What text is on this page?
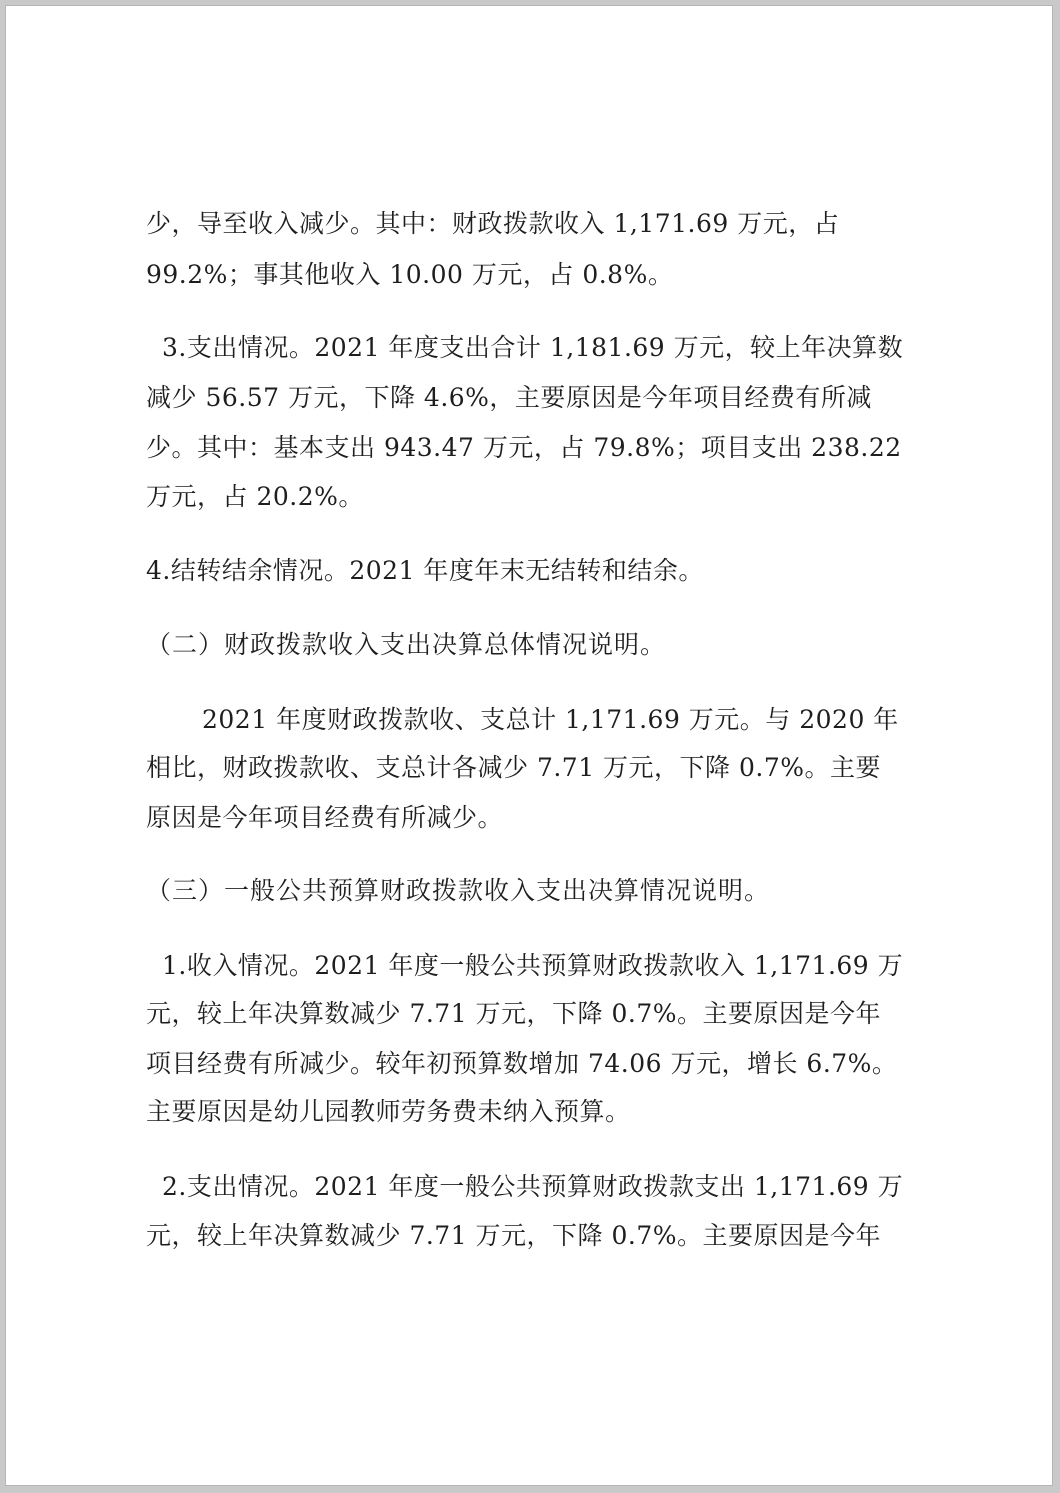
少，导至收入减少。其中：财政拨款收入 1,171.69 万元，占

99.2%；事其他收入 10.00 万元，占 0.8%。

3.支出情况。2021 年度支出合计 1,181.69 万元，较上年决算数

减少 56.57 万元，下降 4.6%，主要原因是今年项目经费有所减

少。其中：基本支出 943.47 万元，占 79.8%；项目支出 238.22

万元，占 20.2%。

4.结转结余情况。2021 年度年末无结转和结余。

（二）财政拨款收入支出决算总体情况说明。

2021 年度财政拨款收、支总计 1,171.69 万元。与 2020 年

相比，财政拨款收、支总计各减少 7.71 万元，下降 0.7%。主要

原因是今年项目经费有所减少。

（三）一般公共预算财政拨款收入支出决算情况说明。

1.收入情况。2021 年度一般公共预算财政拨款收入 1,171.69 万

元，较上年决算数减少 7.71 万元，下降 0.7%。主要原因是今年

项目经费有所减少。较年初预算数增加 74.06 万元，增长 6.7%。

主要原因是幼儿园教师劳务费未纳入预算。

2.支出情况。2021 年度一般公共预算财政拨款支出 1,171.69 万

元，较上年决算数减少 7.71 万元，下降 0.7%。主要原因是今年
